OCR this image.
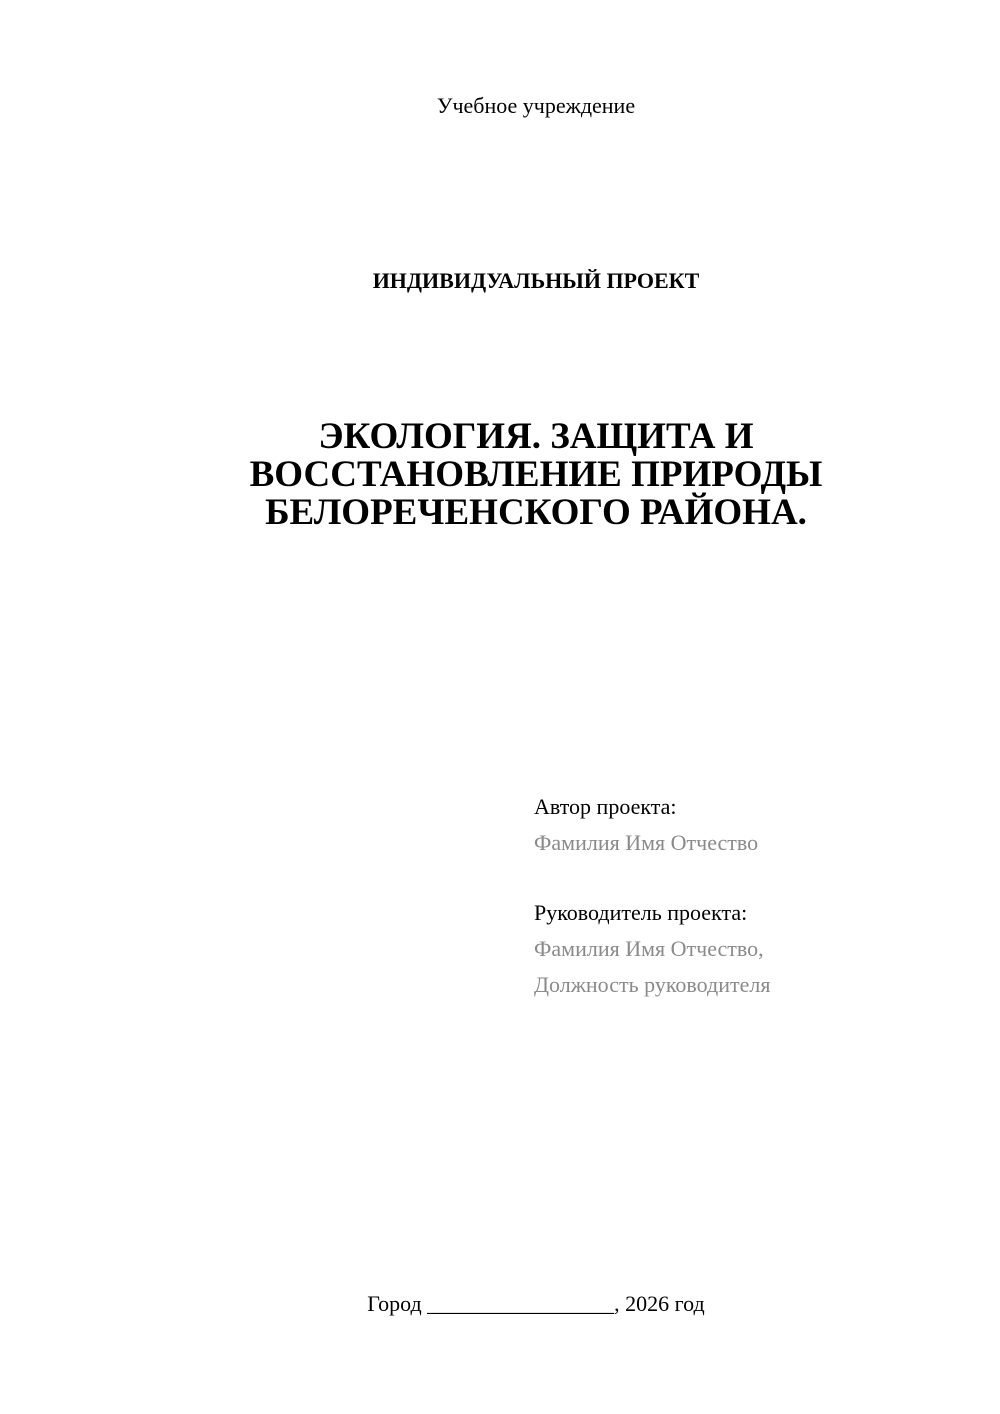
Учебное учреждение
ИНДИВИДУАЛЬНЫЙ ПРОЕКТ
ЭКОЛОГИЯ. ЗАЩИТА И
ВОССТАНОВЛЕНИЕ ПРИРОДЫ
БЕЛОРЕЧЕНСКОГО РАЙОНА.
Автор проекта:
Фамилия Имя Отчество
Руководитель проекта:
Фамилия Имя Отчество,
Должность руководителя
Город _________________, 2026 год
